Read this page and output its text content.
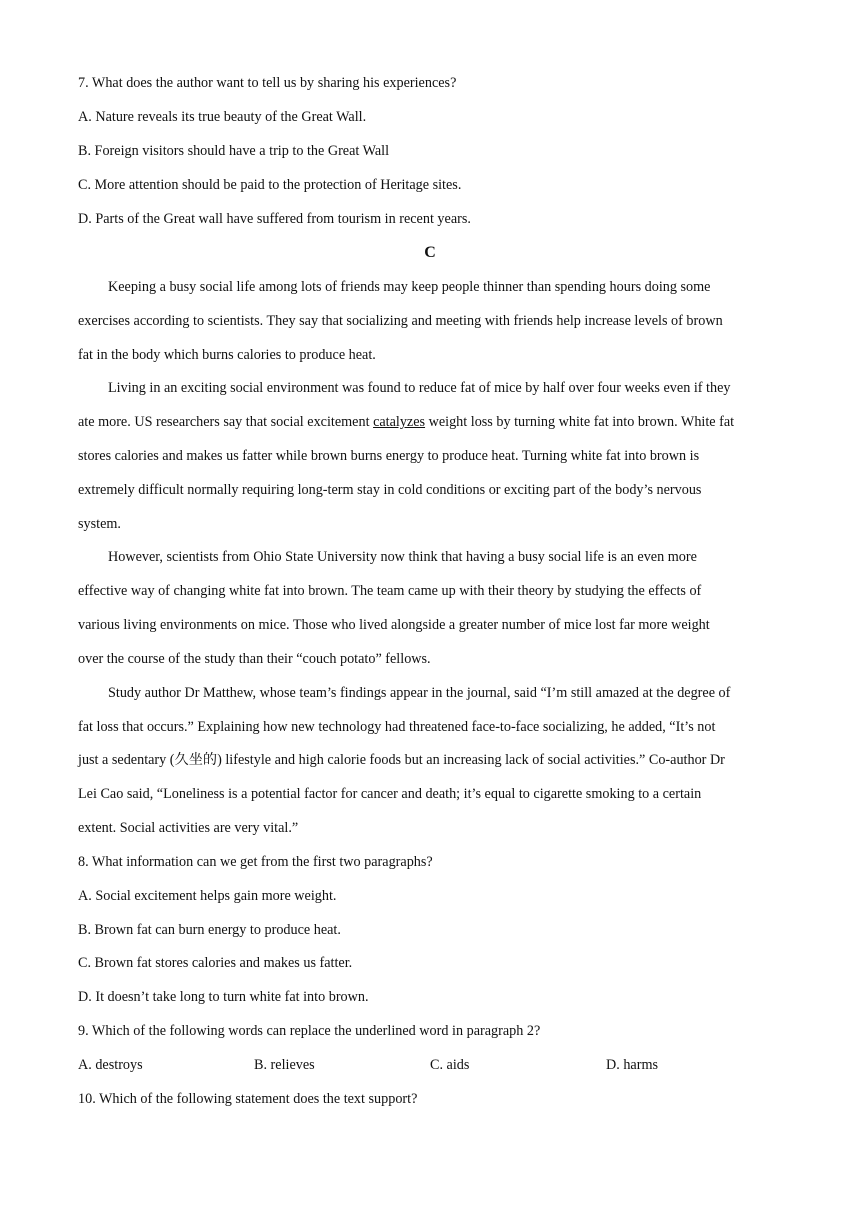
7. What does the author want to tell us by sharing his experiences?
A. Nature reveals its true beauty of the Great Wall.
B. Foreign visitors should have a trip to the Great Wall
C. More attention should be paid to the protection of Heritage sites.
D. Parts of the Great wall have suffered from tourism in recent years.
C
Keeping a busy social life among lots of friends may keep people thinner than spending hours doing some
exercises according to scientists. They say that socializing and meeting with friends help increase levels of brown
fat in the body which burns calories to produce heat.
Living in an exciting social environment was found to reduce fat of mice by half over four weeks even if they
ate more. US researchers say that social excitement catalyzes weight loss by turning white fat into brown. White fat
stores calories and makes us fatter while brown burns energy to produce heat. Turning white fat into brown is
extremely difficult normally requiring long-term stay in cold conditions or exciting part of the body’s nervous
system.
However, scientists from Ohio State University now think that having a busy social life is an even more
effective way of changing white fat into brown. The team came up with their theory by studying the effects of
various living environments on mice. Those who lived alongside a greater number of mice lost far more weight
over the course of the study than their “couch potato” fellows.
Study author Dr Matthew, whose team’s findings appear in the journal, said “I’m still amazed at the degree of
fat loss that occurs.” Explaining how new technology had threatened face-to-face socializing, he added, “It’s not
just a sedentary (久坐的) lifestyle and high calorie foods but an increasing lack of social activities.” Co-author Dr
Lei Cao said, “Loneliness is a potential factor for cancer and death; it’s equal to cigarette smoking to a certain
extent. Social activities are very vital.”
8. What information can we get from the first two paragraphs?
A. Social excitement helps gain more weight.
B. Brown fat can burn energy to produce heat.
C. Brown fat stores calories and makes us fatter.
D. It doesn’t take long to turn white fat into brown.
9. Which of the following words can replace the underlined word in paragraph 2?
A. destroys	B. relieves	C. aids	D. harms
10. Which of the following statement does the text support?
